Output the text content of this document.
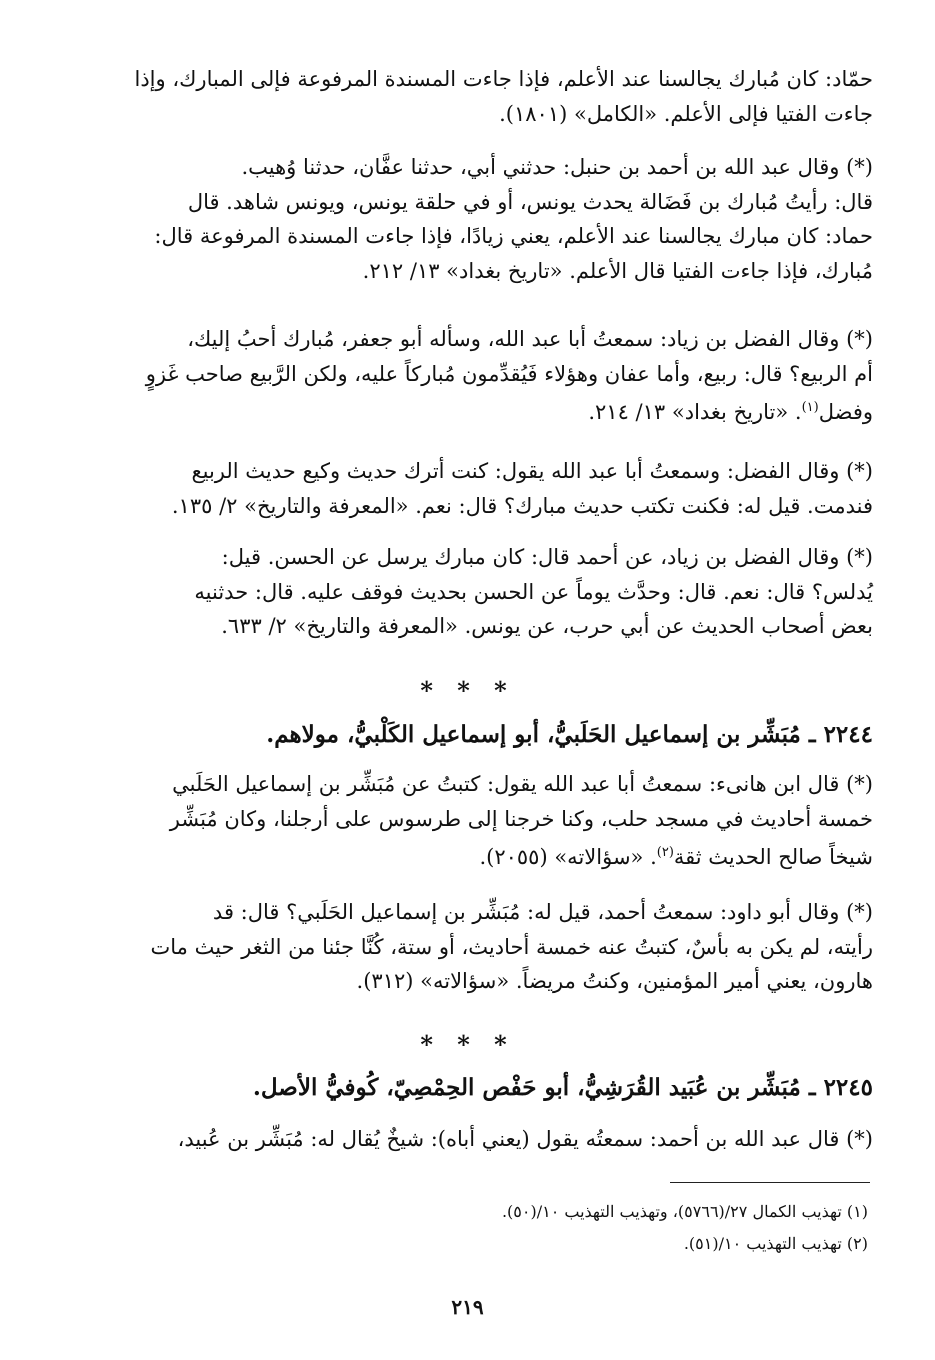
حمّاد: كان مُبارك يجالسنا عند الأعلم، فإذا جاءت المسندة المرفوعة فإلى المبارك، وإذا
جاءت الفتيا فإلى الأعلم. «الكامل» (١٨٠١).
(*) وقال عبد الله بن أحمد بن حنبل: حدثني أبي، حدثنا عفَّان، حدثنا وُهيب.
قال: رأيتُ مُبارك بن فَضَالة يحدث يونس، أو في حلقة يونس، ويونس شاهد. قال
حماد: كان مبارك يجالسنا عند الأعلم، يعني زيادًا، فإذا جاءت المسندة المرفوعة قال:
مُبارك، فإذا جاءت الفتيا قال الأعلم. «تاريخ بغداد» ١٣/ ٢١٢.
(*) وقال الفضل بن زياد: سمعتُ أبا عبد الله، وسأله أبو جعفر، مُبارك أحبُ إليك،
أم الربيع؟ قال: ربيع، وأما عفان وهؤلاء فَيُقدِّمون مُباركاً عليه، ولكن الرَّبيع صاحب غَزوٍ
وفضل$^{(١)}$. «تاريخ بغداد» ١٣/ ٢١٤.
(*) وقال الفضل: وسمعتُ أبا عبد الله يقول: كنت أترك حديث وكيع حديث الربيع
فندمت. قيل له: فكنت تكتب حديث مبارك؟ قال: نعم. «المعرفة والتاريخ» ٢/ ١٣٥.
(*) وقال الفضل بن زياد، عن أحمد قال: كان مبارك يرسل عن الحسن. قيل:
يُدلس؟ قال: نعم. قال: وحدَّث يوماً عن الحسن بحديث فوقف عليه. قال: حدثنيه
بعض أصحاب الحديث عن أبي حرب، عن يونس. «المعرفة والتاريخ» ٢/ ٦٣٣.
* * *
٢٢٤٤ ـ مُبَشِّر بن إسماعيل الحَلَبيُّ، أبو إسماعيل الكَلْبيُّ، مولاهم.
(*) قال ابن هانىء: سمعتُ أبا عبد الله يقول: كتبتُ عن مُبَشِّر بن إسماعيل الحَلَبي
خمسة أحاديث في مسجد حلب، وكنا خرجنا إلى طرسوس على أرجلنا، وكان مُبَشِّر
شيخاً صالح الحديث ثقة$^{(٢)}$. «سؤالاته» (٢٠٥٥).
(*) وقال أبو داود: سمعتُ أحمد، قيل له: مُبَشِّر بن إسماعيل الحَلَبي؟ قال: قد
رأيته، لم يكن به بأسٌ، كتبتُ عنه خمسة أحاديث، أو ستة، كُنَّا جئنا من الثغر حيث مات
هارون، يعني أمير المؤمنين، وكنتُ مريضاً. «سؤالاته» (٣١٢).
* * *
٢٢٤٥ ـ مُبَشِّر بن عُبَيد القُرَشِيُّ، أبو حَفْص الحِمْصِيّ، كُوفيُّ الأصل.
(*) قال عبد الله بن أحمد: سمعتُه يقول (يعني أباه): شيخٌ يُقال له: مُبَشِّر بن عُبيد،
(١) تهذيب الكمال ٢٧/(٥٧٦٦)، وتهذيب التهذيب ١٠/(٥٠).
(٢) تهذيب التهذيب ١٠/(٥١).
٢١٩
